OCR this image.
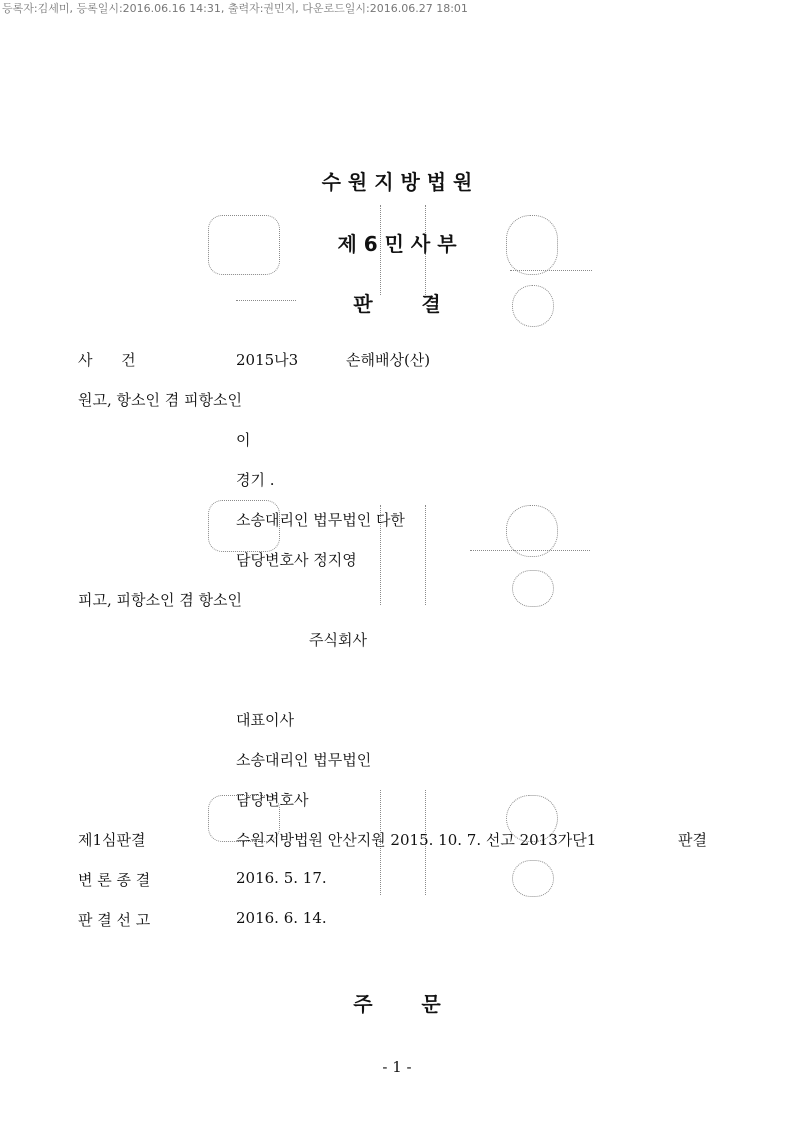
등록자:김세미, 등록일시:2016.06.16 14:31, 출력자:권민지, 다운로드일시:2016.06.27 18:01
수 원 지 방 법 원
제 6 민 사 부
판       결
사      건	2015나3	손해배상(산)
원고, 항소인 겸 피항소인
이
경기 .
소송대리인 법무법인 다한
담당변호사 정지영
피고, 피항소인 겸 항소인
주식회사
대표이사
소송대리인 법무법인
담당변호사
제1심판결	수원지방법원 안산지원 2015. 10. 7. 선고 2013가단1	판결
변 론 종 결	2016. 5. 17.
판 결 선 고	2016. 6. 14.
주       문
- 1 -
